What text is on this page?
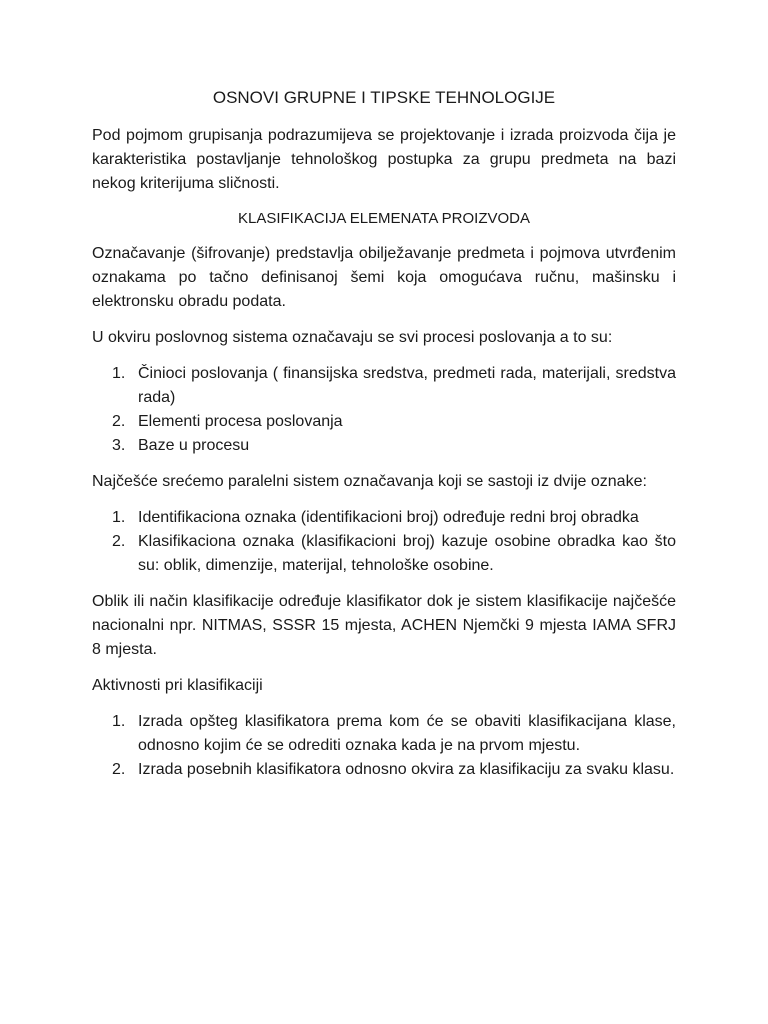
OSNOVI GRUPNE I TIPSKE TEHNOLOGIJE

Pod pojmom grupisanja podrazumijeva se projektovanje i izrada proizvoda čija je karakteristika postavljanje tehnološkog postupka za grupu predmeta na bazi nekog kriterijuma sličnosti.

KLASIFIKACIJA ELEMENATA PROIZVODA

Označavanje (šifrovanje) predstavlja obilježavanje predmeta i pojmova utvrđenim oznakama po tačno definisanoj šemi koja omogućava ručnu, mašinsku i elektronsku obradu podata.

U okviru poslovnog sistema označavaju se svi procesi poslovanja a to su:

1. Činioci poslovanja ( finansijska sredstva, predmeti rada, materijali, sredstva rada)
2. Elementi procesa poslovanja
3. Baze u procesu

Najčešće srećemo paralelni sistem označavanja koji se sastoji iz dvije oznake:

1. Identifikaciona oznaka (identifikacioni broj) određuje redni broj obradka
2. Klasifikaciona oznaka (klasifikacioni broj) kazuje osobine obradka kao što su: oblik, dimenzije, materijal, tehnološke osobine.

Oblik ili način klasifikacije određuje klasifikator dok je sistem klasifikacije najčešće nacionalni npr. NITMAS, SSSR 15 mjesta, ACHEN Njemčki 9 mjesta IAMA SFRJ 8 mjesta.

Aktivnosti pri klasifikaciji

1. Izrada opšteg klasifikatora prema kom će se obaviti klasifikacijana klase, odnosno kojim će se odrediti oznaka kada je na prvom mjestu.
2. Izrada posebnih klasifikatora odnosno okvira za klasifikaciju za svaku klasu.
